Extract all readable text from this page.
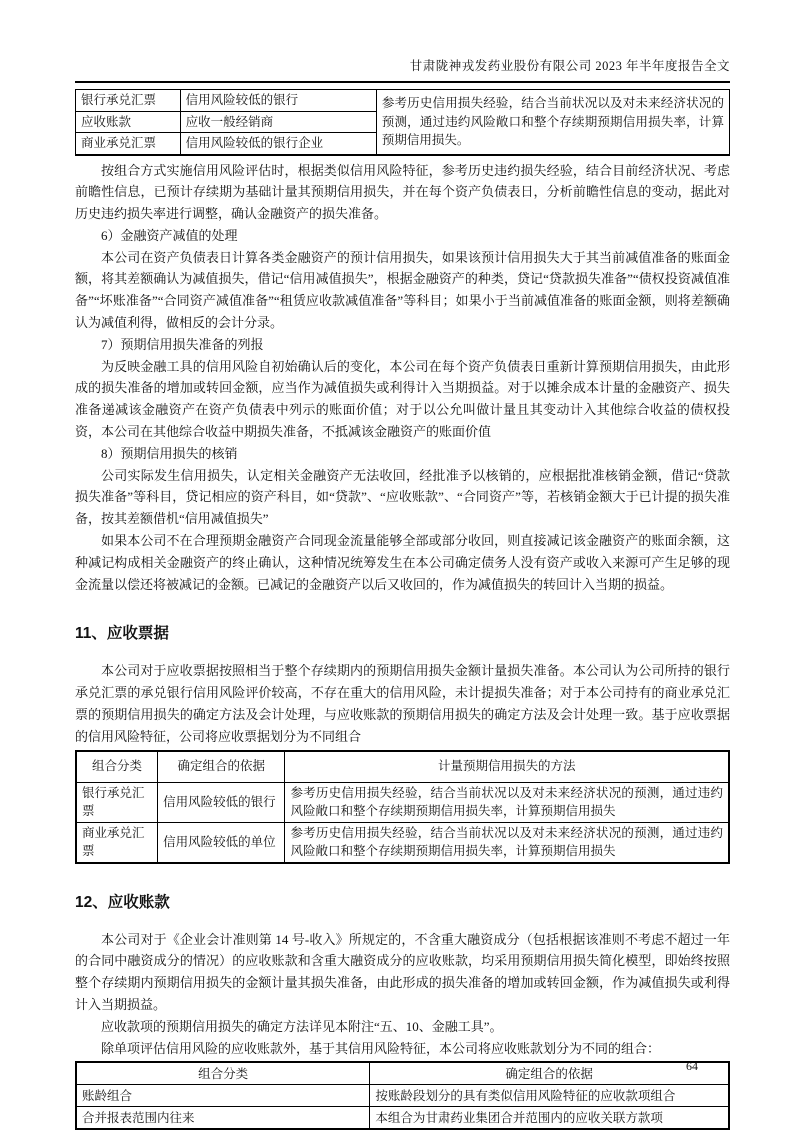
甘肃陇神戎发药业股份有限公司 2023 年半年度报告全文
银行承兑汇票	信用风险较低的银行	参考历史信用损失经验，结合当前状况以及对未来经济状况的预测，通过违约风险敞口和整个存续期预期信用损失率，计算预期信用损失。
应收账款	应收一般经销商	
商业承兑汇票	信用风险较低的银行企业	

按组合方式实施信用风险评估时，根据类似信用风险特征，参考历史违约损失经验，结合目前经济状况、考虑前瞻性信息，已预计存续期为基础计量其预期信用损失，并在每个资产负债表日，分析前瞻性信息的变动，据此对历史违约损失率进行调整，确认金融资产的损失准备。

6）金融资产减值的处理

本公司在资产负债表日计算各类金融资产的预计信用损失，如果该预计信用损失大于其当前减值准备的账面金额，将其差额确认为减值损失，借记“信用减值损失”，根据金融资产的种类，贷记“贷款损失准备”“债权投资减值准备”“坏账准备”“合同资产减值准备”“租赁应收款减值准备”等科目；如果小于当前减值准备的账面金额，则将差额确认为减值利得，做相反的会计分录。

7）预期信用损失准备的列报

为反映金融工具的信用风险自初始确认后的变化，本公司在每个资产负债表日重新计算预期信用损失，由此形成的损失准备的增加或转回金额，应当作为减值损失或利得计入当期损益。对于以摊余成本计量的金融资产、损失准备递减该金融资产在资产负债表中列示的账面价值；对于以公允叫做计量且其变动计入其他综合收益的债权投资，本公司在其他综合收益中期损失准备，不抵减该金融资产的账面价值

8）预期信用损失的核销

公司实际发生信用损失，认定相关金融资产无法收回，经批准予以核销的，应根据批准核销金额，借记“贷款损失准备”等科目，贷记相应的资产科目，如“贷款”、“应收账款”、“合同资产”等，若核销金额大于已计提的损失准备，按其差额借机“信用减值损失”

如果本公司不在合理预期金融资产合同现金流量能够全部或部分收回，则直接减记该金融资产的账面余额，这种减记构成相关金融资产的终止确认，这种情况统筹发生在本公司确定债务人没有资产或收入来源可产生足够的现金流量以偿还将被减记的金额。已减记的金融资产以后又收回的，作为减值损失的转回计入当期的损益。

11、应收票据

本公司对于应收票据按照相当于整个存续期内的预期信用损失金额计量损失准备。本公司认为公司所持的银行承兑汇票的承兑银行信用风险评价较高，不存在重大的信用风险，未计提损失准备；对于本公司持有的商业承兑汇票的预期信用损失的确定方法及会计处理，与应收账款的预期信用损失的确定方法及会计处理一致。基于应收票据的信用风险特征，公司将应收票据划分为不同组合

组合分类	确定组合的依据	计量预期信用损失的方法
银行承兑汇票	信用风险较低的银行	参考历史信用损失经验，结合当前状况以及对未来经济状况的预测，通过违约风险敞口和整个存续期预期信用损失率，计算预期信用损失
商业承兑汇票	信用风险较低的单位	参考历史信用损失经验，结合当前状况以及对未来经济状况的预测，通过违约风险敞口和整个存续期预期信用损失率，计算预期信用损失
12、应收账款

本公司对于《企业会计准则第 14 号-收入》所规定的，不含重大融资成分（包括根据该准则不考虑不超过一年的合同中融资成分的情况）的应收账款和含重大融资成分的应收账款，均采用预期信用损失简化模型，即始终按照整个存续期内预期信用损失的金额计量其损失准备，由此形成的损失准备的增加或转回金额，作为减值损失或利得计入当期损益。

应收款项的预期信用损失的确定方法详见本附注“五、10、金融工具”。

除单项评估信用风险的应收账款外，基于其信用风险特征，本公司将应收账款划分为不同的组合：

组合分类	确定组合的依据
账龄组合	按账龄段划分的具有类似信用风险特征的应收款项组合
合并报表范围内往来	本组合为甘肃药业集团合并范围内的应收关联方款项
64
